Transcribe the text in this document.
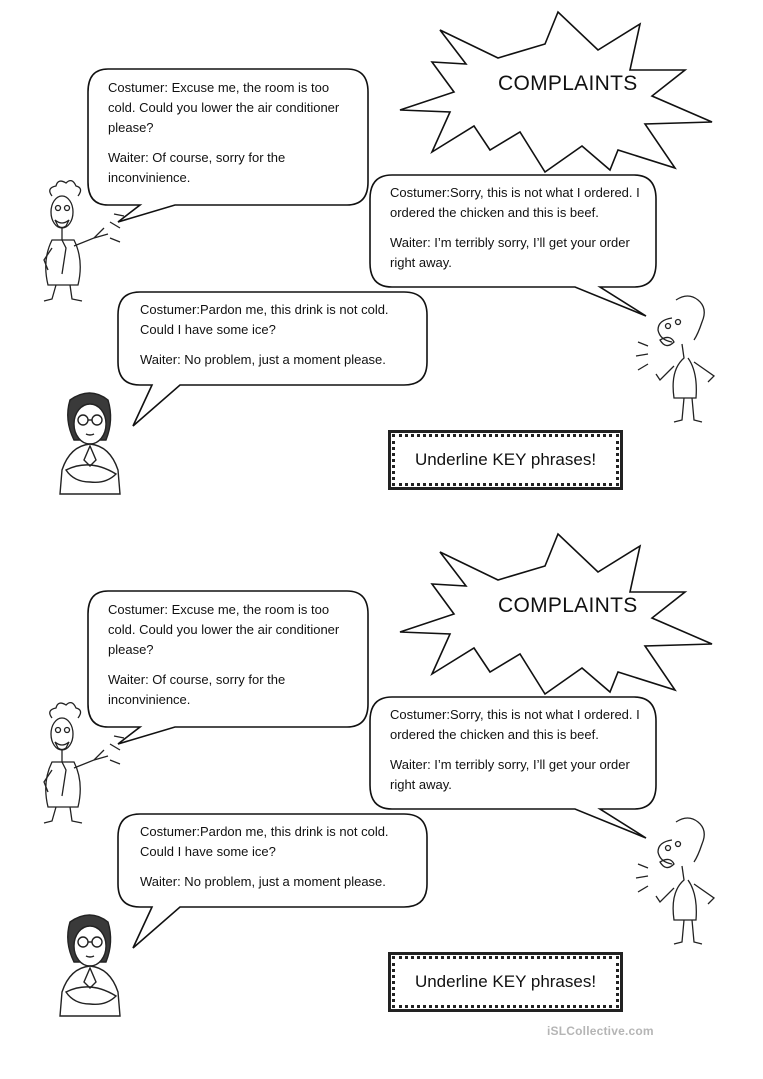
COMPLAINTS

Costumer: Excuse me, the room is too cold. Could you lower the air conditioner please?

Waiter: Of course, sorry for the inconvinience.

Costumer:Sorry, this is not what I ordered. I ordered the chicken and this is beef.

Waiter: I’m terribly sorry, I’ll get your order right away.

Costumer:Pardon me, this drink is not cold. Could I have some ice?

Waiter: No problem, just a moment please.

Underline KEY phrases!
COMPLAINTS

Costumer: Excuse me, the room is too cold. Could you lower the air conditioner please?

Waiter: Of course, sorry for the inconvinience.

Costumer:Sorry, this is not what I ordered. I ordered the chicken and this is beef.

Waiter: I’m terribly sorry, I’ll get your order right away.

Costumer:Pardon me, this drink is not cold. Could I have some ice?

Waiter: No problem, just a moment please.

Underline KEY phrases!
iSLCollective.com
